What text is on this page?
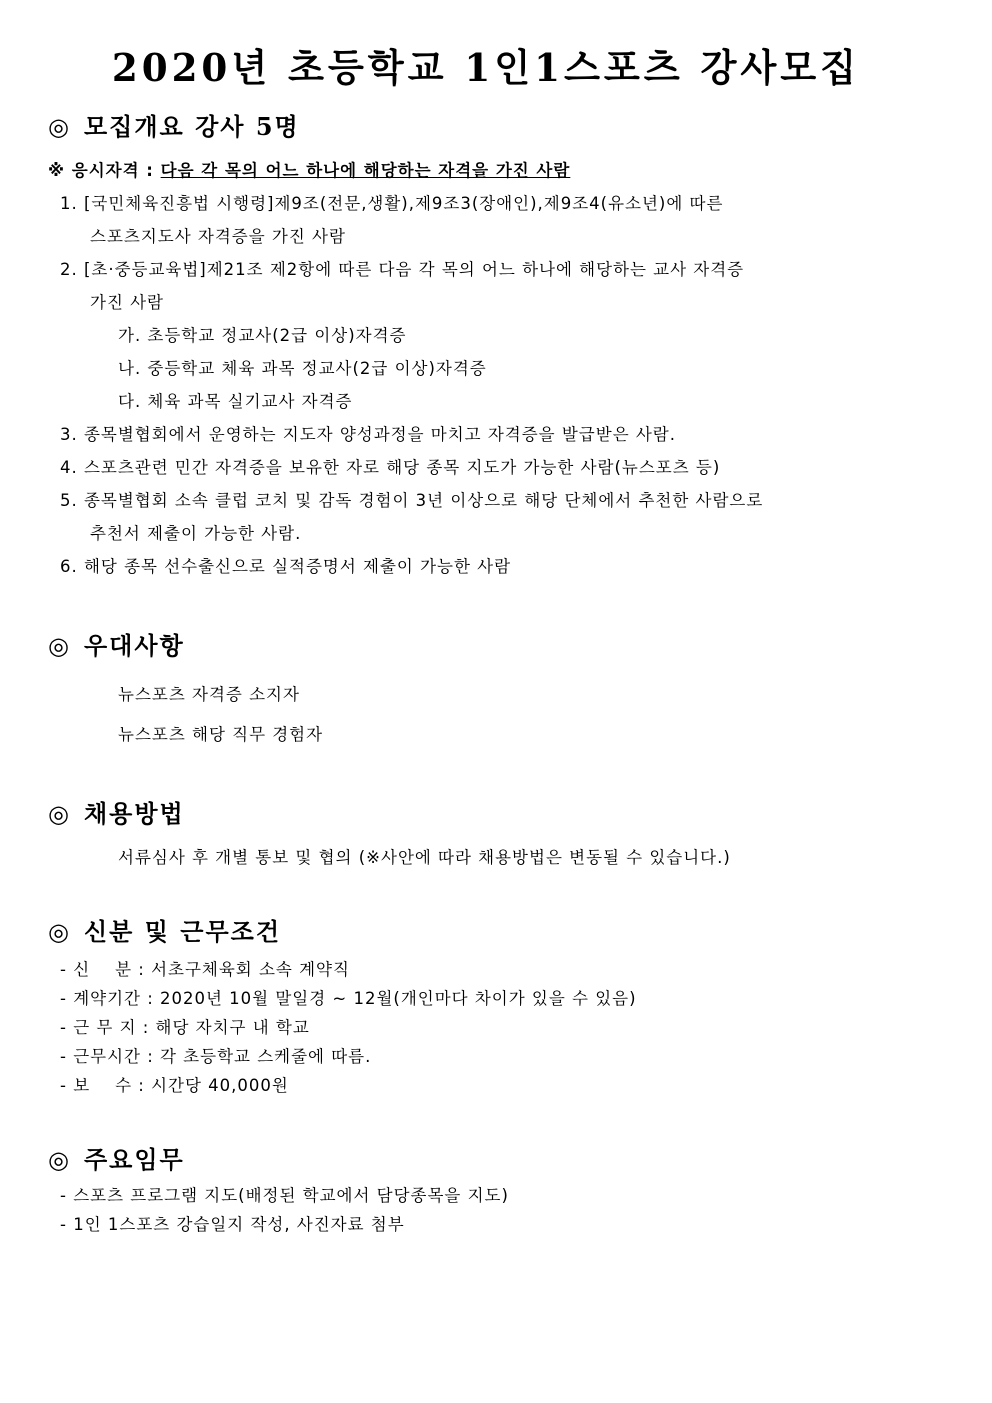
2020년 초등학교 1인1스포츠 강사모집
◎ 모집개요 강사 5명
※ 응시자격 : 다음 각 목의 어느 하나에 해당하는 자격을 가진 사람
1. [국민체육진흥법 시행령]제9조(전문,생활),제9조3(장애인),제9조4(유소년)에 따른
스포츠지도사 자격증을 가진 사람
2. [초·중등교육법]제21조 제2항에 따른 다음 각 목의 어느 하나에 해당하는 교사 자격증
가진 사람
가. 초등학교 정교사(2급 이상)자격증
나. 중등학교 체육 과목 정교사(2급 이상)자격증
다. 체육 과목 실기교사 자격증
3. 종목별협회에서 운영하는 지도자 양성과정을 마치고 자격증을 발급받은 사람.
4. 스포츠관련 민간 자격증을 보유한 자로 해당 종목 지도가 가능한 사람(뉴스포츠 등)
5. 종목별협회 소속 클럽 코치 및 감독 경험이 3년 이상으로 해당 단체에서 추천한 사람으로
추천서 제출이 가능한 사람.
6. 해당 종목 선수출신으로 실적증명서 제출이 가능한 사람
◎ 우대사항
뉴스포츠 자격증 소지자
뉴스포츠 해당 직무 경험자
◎ 채용방법
서류심사 후 개별 통보 및 협의 (※사안에 따라 채용방법은 변동될 수 있습니다.)
◎ 신분 및 근무조건
- 신    분 : 서초구체육회 소속 계약직
- 계약기간 : 2020년 10월 말일경 ~ 12월(개인마다 차이가 있을 수 있음)
- 근 무 지 : 해당 자치구 내 학교
- 근무시간 : 각 초등학교 스케줄에 따름.
- 보    수 : 시간당 40,000원
◎ 주요임무
- 스포츠 프로그램 지도(배정된 학교에서 담당종목을 지도)
- 1인 1스포츠 강습일지 작성, 사진자료 첨부
